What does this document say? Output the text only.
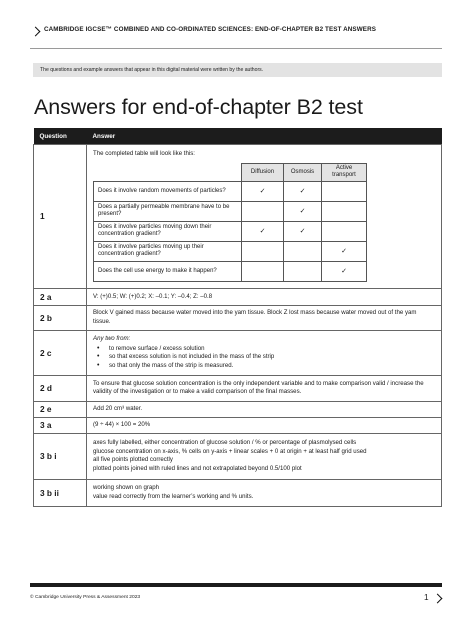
CAMBRIDGE IGCSE™ COMBINED AND CO-ORDINATED SCIENCES: END-OF-CHAPTER B2 TEST ANSWERS
The questions and example answers that appear in this digital material were written by the authors.
Answers for end-of-chapter B2 test
Question	Answer
1	
The completed table will look like this:
	Diffusion	Osmosis	Active transport
Does it involve random movements of particles?	✓	✓	
Does a partially permeable membrane have to be present?		✓	
Does it involve particles moving down their concentration gradient?	✓	✓	
Does it involve particles moving up their concentration gradient?			✓
Does the cell use energy to make it happen?			✓

2 a	V: (+)0.5; W: (+)0.2; X: –0.1; Y: –0.4; Z: –0.8
2 b	Block V gained mass because water moved into the yam tissue. Block Z lost mass because water moved out of the yam tissue.
2 c	
Any two from:
• to remove surface / excess solution
• so that excess solution is not included in the mass of the strip
• so that only the mass of the strip is measured.

2 d	To ensure that glucose solution concentration is the only independent variable and to make comparison valid / increase the validity of the investigation or to make a valid comparison of the final masses.
2 e	Add 20 cm³ water.
3 a	(9 ÷ 44) × 100 = 20%
3 b i	
axes fully labelled, either concentration of glucose solution / % or percentage of plasmolysed cells
glucose concentration on x-axis, % cells on y-axis + linear scales + 0 at origin + at least half grid used
all five points plotted correctly
plotted points joined with ruled lines and not extrapolated beyond 0.5/100 plot

3 b ii	working shown on graph
value read correctly from the learner’s working and % units.
© Cambridge University Press & Assessment 2023	1
